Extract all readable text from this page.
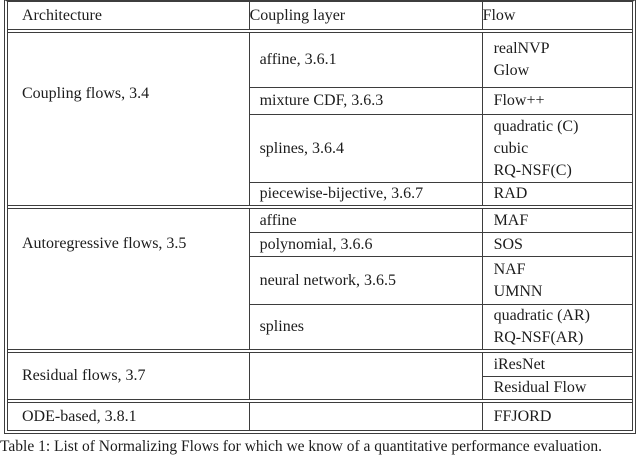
Architecture	Coupling layer	Flow
Coupling flows, 3.4	affine, 3.6.1	realNVP
Glow

	mixture CDF, 3.6.3	Flow++

	splines, 3.6.4	quadratic (C)
cubic
RQ-NSF(C)

	piecewise-bijective, 3.6.7	RAD

Autoregressive flows, 3.5	affine	MAF

	polynomial, 3.6.6	SOS

	neural network, 3.6.5	NAF
UMNN

	splines	quadratic (AR)
RQ-NSF(AR)

Residual flows, 3.7		iResNet

		Residual Flow

ODE-based, 3.8.1		FFJORD
Table 1: List of Normalizing Flows for which we know of a quantitative performance evaluation.
